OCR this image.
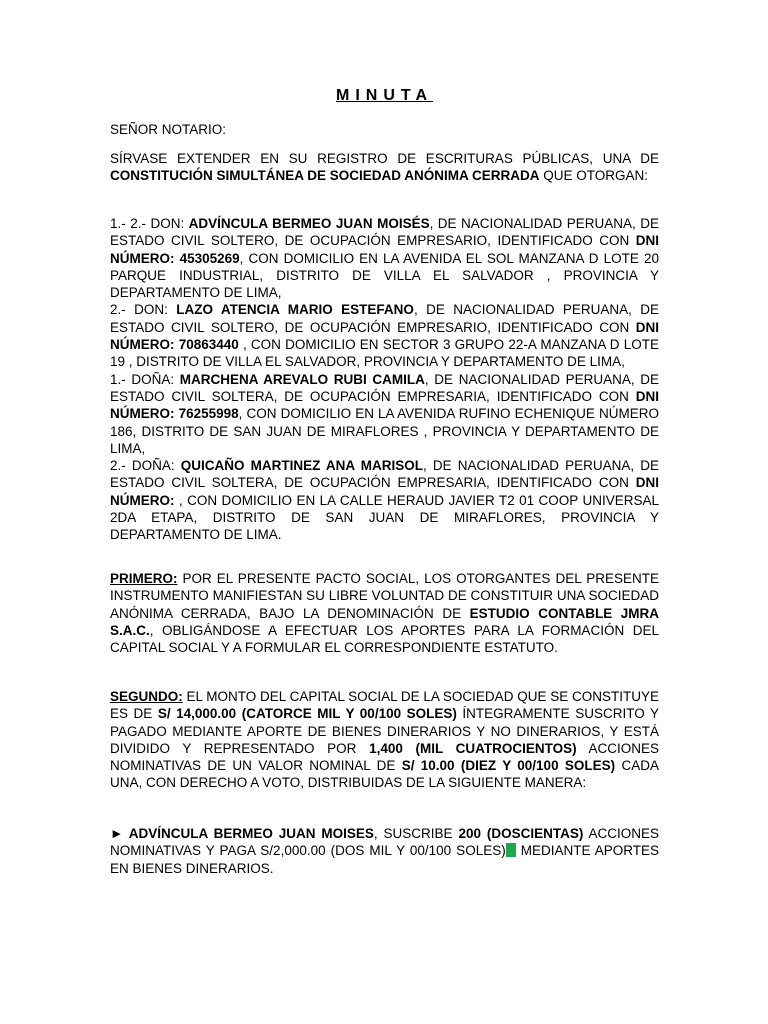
MINUTA

SEÑOR NOTARIO:

SÍRVASE EXTENDER EN SU REGISTRO DE ESCRITURAS PÚBLICAS, UNA DE CONSTITUCIÓN SIMULTÁNEA DE SOCIEDAD ANÓNIMA CERRADA QUE OTORGAN:

1.- 2.- DON: ADVÍNCULA BERMEO JUAN MOISÉS, DE NACIONALIDAD PERUANA, DE ESTADO CIVIL SOLTERO, DE OCUPACIÓN EMPRESARIO, IDENTIFICADO CON DNI NÚMERO: 45305269, CON DOMICILIO EN LA AVENIDA EL SOL MANZANA D LOTE 20 PARQUE INDUSTRIAL, DISTRITO DE VILLA EL SALVADOR , PROVINCIA Y DEPARTAMENTO DE LIMA,
2.- DON: LAZO ATENCIA MARIO ESTEFANO, DE NACIONALIDAD PERUANA, DE ESTADO CIVIL SOLTERO, DE OCUPACIÓN EMPRESARIO, IDENTIFICADO CON DNI NÚMERO: 70863440 , CON DOMICILIO EN SECTOR 3 GRUPO 22-A MANZANA D LOTE 19 , DISTRITO DE VILLA EL SALVADOR, PROVINCIA Y DEPARTAMENTO DE LIMA,
1.- DOÑA: MARCHENA AREVALO RUBI CAMILA, DE NACIONALIDAD PERUANA, DE ESTADO CIVIL SOLTERA, DE OCUPACIÓN EMPRESARIA, IDENTIFICADO CON DNI NÚMERO: 76255998, CON DOMICILIO EN LA AVENIDA RUFINO ECHENIQUE NÚMERO 186, DISTRITO DE SAN JUAN DE MIRAFLORES , PROVINCIA Y DEPARTAMENTO DE LIMA,
2.- DOÑA: QUICAÑO MARTINEZ ANA MARISOL, DE NACIONALIDAD PERUANA, DE ESTADO CIVIL SOLTERA, DE OCUPACIÓN EMPRESARIA, IDENTIFICADO CON DNI NÚMERO: , CON DOMICILIO EN LA CALLE HERAUD JAVIER T2 01 COOP UNIVERSAL 2DA ETAPA, DISTRITO DE SAN JUAN DE MIRAFLORES, PROVINCIA Y DEPARTAMENTO DE LIMA.

PRIMERO: POR EL PRESENTE PACTO SOCIAL, LOS OTORGANTES DEL PRESENTE INSTRUMENTO MANIFIESTAN SU LIBRE VOLUNTAD DE CONSTITUIR UNA SOCIEDAD ANÓNIMA CERRADA, BAJO LA DENOMINACIÓN DE ESTUDIO CONTABLE JMRA S.A.C., OBLIGÁNDOSE A EFECTUAR LOS APORTES PARA LA FORMACIÓN DEL CAPITAL SOCIAL Y A FORMULAR EL CORRESPONDIENTE ESTATUTO.

SEGUNDO: EL MONTO DEL CAPITAL SOCIAL DE LA SOCIEDAD QUE SE CONSTITUYE ES DE S/ 14,000.00 (CATORCE MIL Y 00/100 SOLES) ÍNTEGRAMENTE SUSCRITO Y PAGADO MEDIANTE APORTE DE BIENES DINERARIOS Y NO DINERARIOS, Y ESTÁ DIVIDIDO Y REPRESENTADO POR 1,400 (MIL CUATROCIENTOS) ACCIONES NOMINATIVAS DE UN VALOR NOMINAL DE S/ 10.00 (DIEZ Y 00/100 SOLES) CADA UNA, CON DERECHO A VOTO, DISTRIBUIDAS DE LA SIGUIENTE MANERA:

► ADVÍNCULA BERMEO JUAN MOISES, SUSCRIBE 200 (DOSCIENTAS) ACCIONES NOMINATIVAS Y PAGA S/2,000.00 (DOS MIL Y 00/100 SOLES) MEDIANTE APORTES EN BIENES DINERARIOS.
